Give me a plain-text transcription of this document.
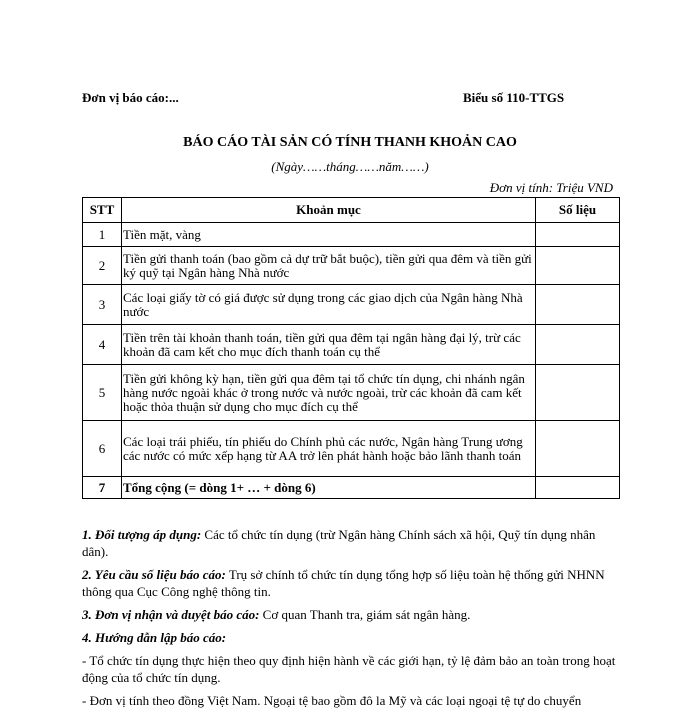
Đơn vị báo cáo:...	Biểu số 110-TTGS
BÁO CÁO TÀI SẢN CÓ TÍNH THANH KHOẢN CAO
(Ngày……tháng……năm……)
Đơn vị tính: Triệu VND
STT	Khoản mục	Số liệu
1	Tiền mặt, vàng	
2	Tiền gửi thanh toán (bao gồm cả dự trữ bắt buộc), tiền gửi qua đêm và tiền gửi ký quỹ tại Ngân hàng Nhà nước	
3	Các loại giấy tờ có giá được sử dụng trong các giao dịch của Ngân hàng Nhà nước	
4	Tiền trên tài khoản thanh toán, tiền gửi qua đêm tại ngân hàng đại lý, trừ các khoản đã cam kết cho mục đích thanh toán cụ thể	
5	Tiền gửi không kỳ hạn, tiền gửi qua đêm tại tổ chức tín dụng, chi nhánh ngân hàng nước ngoài khác ở trong nước và nước ngoài, trừ các khoản đã cam kết hoặc thỏa thuận sử dụng cho mục đích cụ thể	
6	Các loại trái phiếu, tín phiếu do Chính phủ các nước, Ngân hàng Trung ương các nước có mức xếp hạng từ AA trở lên phát hành hoặc bảo lãnh thanh toán	
7	Tổng cộng (= dòng 1+ … + dòng 6)	

1. Đối tượng áp dụng: Các tổ chức tín dụng (trừ Ngân hàng Chính sách xã hội, Quỹ tín dụng nhân dân).

2. Yêu cầu số liệu báo cáo: Trụ sở chính tổ chức tín dụng tổng hợp số liệu toàn hệ thống gửi NHNN thông qua Cục Công nghệ thông tin.

3. Đơn vị nhận và duyệt báo cáo: Cơ quan Thanh tra, giám sát ngân hàng.

4. Hướng dẫn lập báo cáo:

- Tổ chức tín dụng thực hiện theo quy định hiện hành về các giới hạn, tỷ lệ đảm bảo an toàn trong hoạt động của tổ chức tín dụng.

- Đơn vị tính theo đồng Việt Nam. Ngoại tệ bao gồm đô la Mỹ và các loại ngoại tệ tự do chuyển
